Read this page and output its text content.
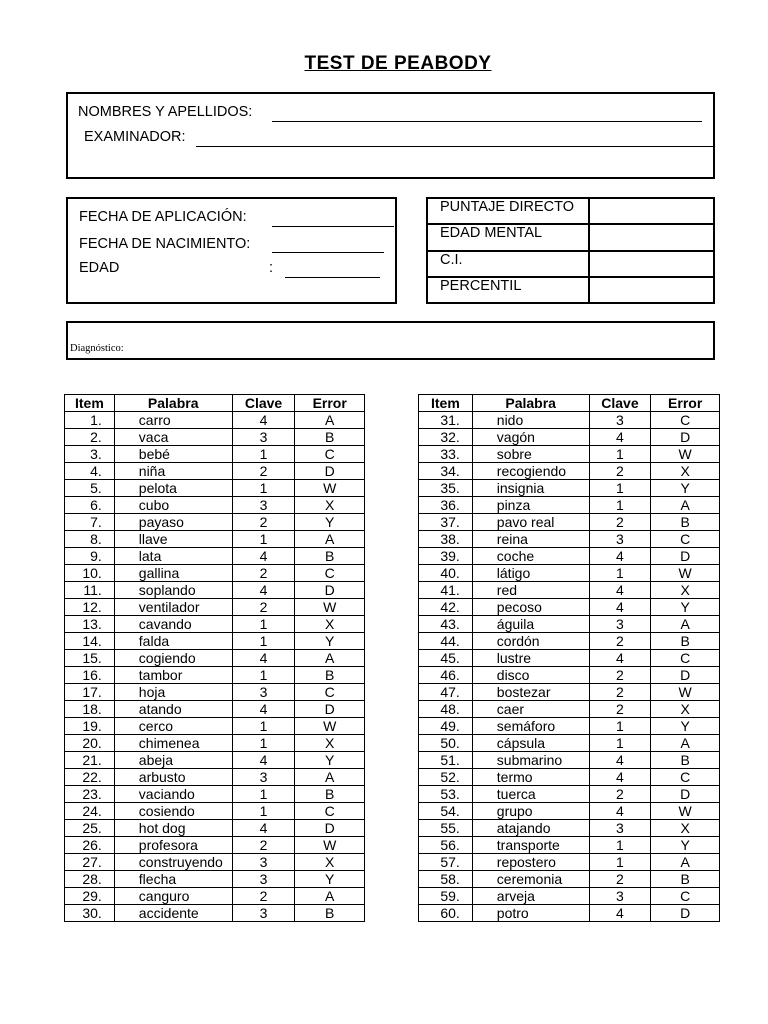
TEST DE PEABODY
NOMBRES Y APELLIDOS:
EXAMINADOR:
FECHA DE APLICACIÓN:
FECHA DE NACIMIENTO:
EDAD	:
PUNTAJE DIRECTO	
EDAD MENTAL	
C.I.	
PERCENTIL	
Diagnóstico:
Item	Palabra	Clave	Error
1.	carro	4	A
2.	vaca	3	B
3.	bebé	1	C
4.	niña	2	D
5.	pelota	1	W
6.	cubo	3	X
7.	payaso	2	Y
8.	llave	1	A
9.	lata	4	B
10.	gallina	2	C
11.	soplando	4	D
12.	ventilador	2	W
13.	cavando	1	X
14.	falda	1	Y
15.	cogiendo	4	A
16.	tambor	1	B
17.	hoja	3	C
18.	atando	4	D
19.	cerco	1	W
20.	chimenea	1	X
21.	abeja	4	Y
22.	arbusto	3	A
23.	vaciando	1	B
24.	cosiendo	1	C
25.	hot dog	4	D
26.	profesora	2	W
27.	construyendo	3	X
28.	flecha	3	Y
29.	canguro	2	A
30.	accidente	3	B
Item	Palabra	Clave	Error
31.	nido	3	C
32.	vagón	4	D
33.	sobre	1	W
34.	recogiendo	2	X
35.	insignia	1	Y
36.	pinza	1	A
37.	pavo real	2	B
38.	reina	3	C
39.	coche	4	D
40.	látigo	1	W
41.	red	4	X
42.	pecoso	4	Y
43.	águila	3	A
44.	cordón	2	B
45.	lustre	4	C
46.	disco	2	D
47.	bostezar	2	W
48.	caer	2	X
49.	semáforo	1	Y
50.	cápsula	1	A
51.	submarino	4	B
52.	termo	4	C
53.	tuerca	2	D
54.	grupo	4	W
55.	atajando	3	X
56.	transporte	1	Y
57.	repostero	1	A
58.	ceremonia	2	B
59.	arveja	3	C
60.	potro	4	D
